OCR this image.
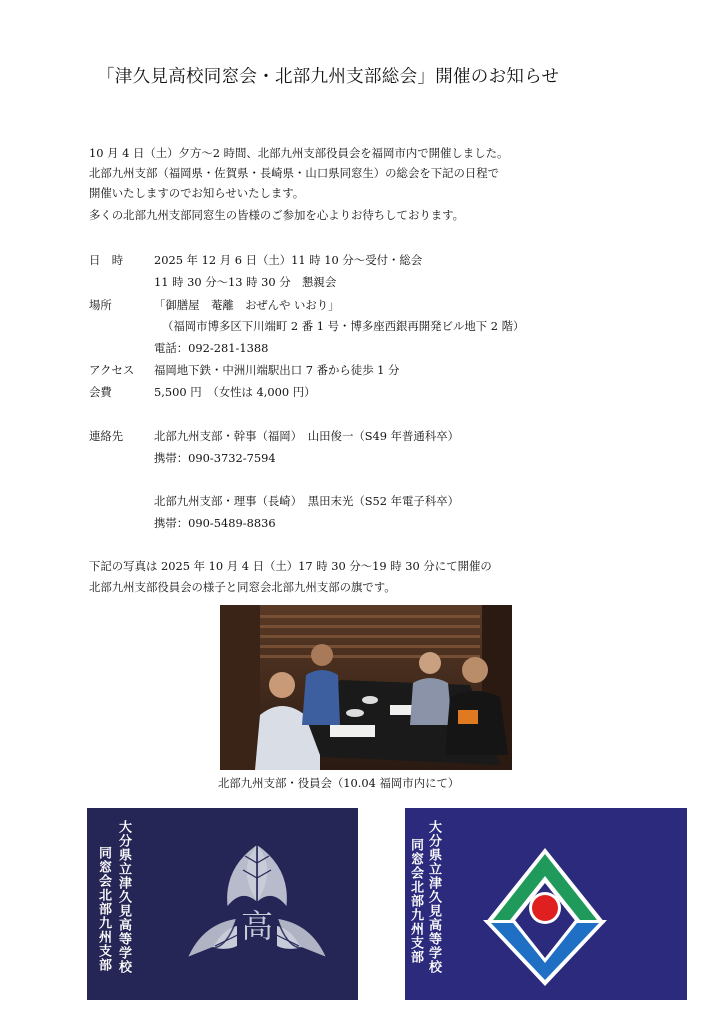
「津久見高校同窓会・北部九州支部総会」開催のお知らせ
10 月 4 日（土）夕方～2 時間、北部九州支部役員会を福岡市内で開催しました。
北部九州支部（福岡県・佐賀県・長崎県・山口県同窓生）の総会を下記の日程で
開催いたしますのでお知らせいたします。
多くの北部九州支部同窓生の皆様のご参加を心よりお待ちしております。
日　時	2025 年 12 月 6 日（土）11 時 10 分～受付・総会
11 時 30 分～13 時 30 分　懇親会
場所	「御膳屋　菴離　おぜんや いおり」
（福岡市博多区下川端町 2 番 1 号・博多座西銀再開発ビル地下 2 階）
電話：092-281-1388
アクセス 福岡地下鉄・中洲川端駅出口 7 番から徒歩 1 分
会費	5,500 円　（女性は 4,000 円）
連絡先	北部九州支部・幹事（福岡）　山田俊一（S49 年普通科卒）
携帯：090-3732-7594
北部九州支部・理事（長崎）　黒田末光（S52 年電子科卒）
携帯：090-5489-8836
下記の写真は 2025 年 10 月 4 日（土）17 時 30 分～19 時 30 分にて開催の
北部九州支部役員会の様子と同窓会北部九州支部の旗です。
北部九州支部・役員会（10.04 福岡市内にて）
大分県立津久見高等学校
同窓会北部九州支部	高	大分県立津久見高等学校
同窓会北部九州支部
